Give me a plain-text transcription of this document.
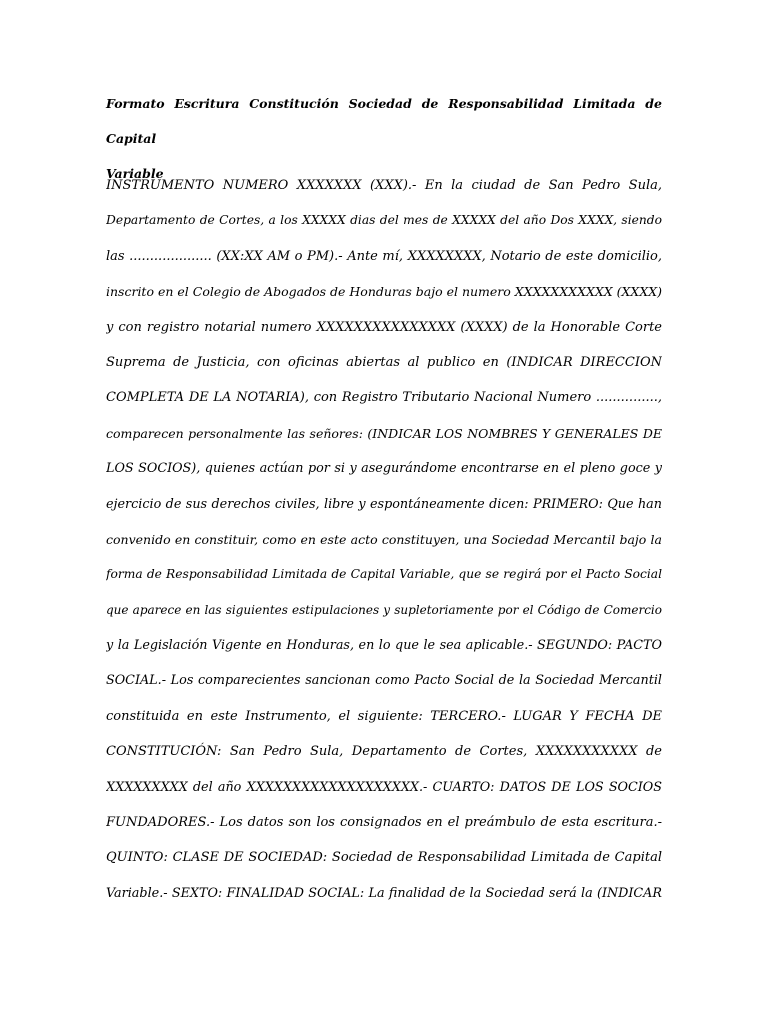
Formato Escritura Constitución Sociedad de Responsabilidad Limitada de Capital
Variable
INSTRUMENTO NUMERO XXXXXXX (XXX).- En la ciudad de San Pedro Sula,
Departamento de Cortes, a los XXXXX dias del mes de XXXXX del año Dos XXXX, siendo
las .................... (XX:XX AM o PM).- Ante mí, XXXXXXXX, Notario de este domicilio,
inscrito en el Colegio de Abogados de Honduras bajo el numero XXXXXXXXXXX (XXXX)
y con registro notarial numero XXXXXXXXXXXXXXX (XXXX) de la Honorable Corte
Suprema de Justicia, con oficinas abiertas al publico en (INDICAR DIRECCION
COMPLETA DE LA NOTARIA), con Registro Tributario Nacional Numero ...............,
comparecen personalmente las señores: (INDICAR LOS NOMBRES Y GENERALES DE
LOS SOCIOS), quienes actúan por si y asegurándome encontrarse en el pleno goce y
ejercicio de sus derechos civiles, libre y espontáneamente dicen: PRIMERO: Que han
convenido en constituir, como en este acto constituyen, una Sociedad Mercantil bajo la
forma de Responsabilidad Limitada de Capital Variable, que se regirá por el Pacto Social
que aparece en las siguientes estipulaciones y supletoriamente por el Código de Comercio
y la Legislación Vigente en Honduras, en lo que le sea aplicable.- SEGUNDO: PACTO
SOCIAL.- Los comparecientes sancionan como Pacto Social de la Sociedad Mercantil
constituida en este Instrumento, el siguiente: TERCERO.- LUGAR Y FECHA DE
CONSTITUCIÓN: San Pedro Sula, Departamento de Cortes, XXXXXXXXXXX de
XXXXXXXXX del año XXXXXXXXXXXXXXXXXXX.- CUARTO: DATOS DE LOS SOCIOS
FUNDADORES.- Los datos son los consignados en el preámbulo de esta escritura.-
QUINTO: CLASE DE SOCIEDAD: Sociedad de Responsabilidad Limitada de Capital
Variable.- SEXTO: FINALIDAD SOCIAL: La finalidad de la Sociedad será la (INDICAR
